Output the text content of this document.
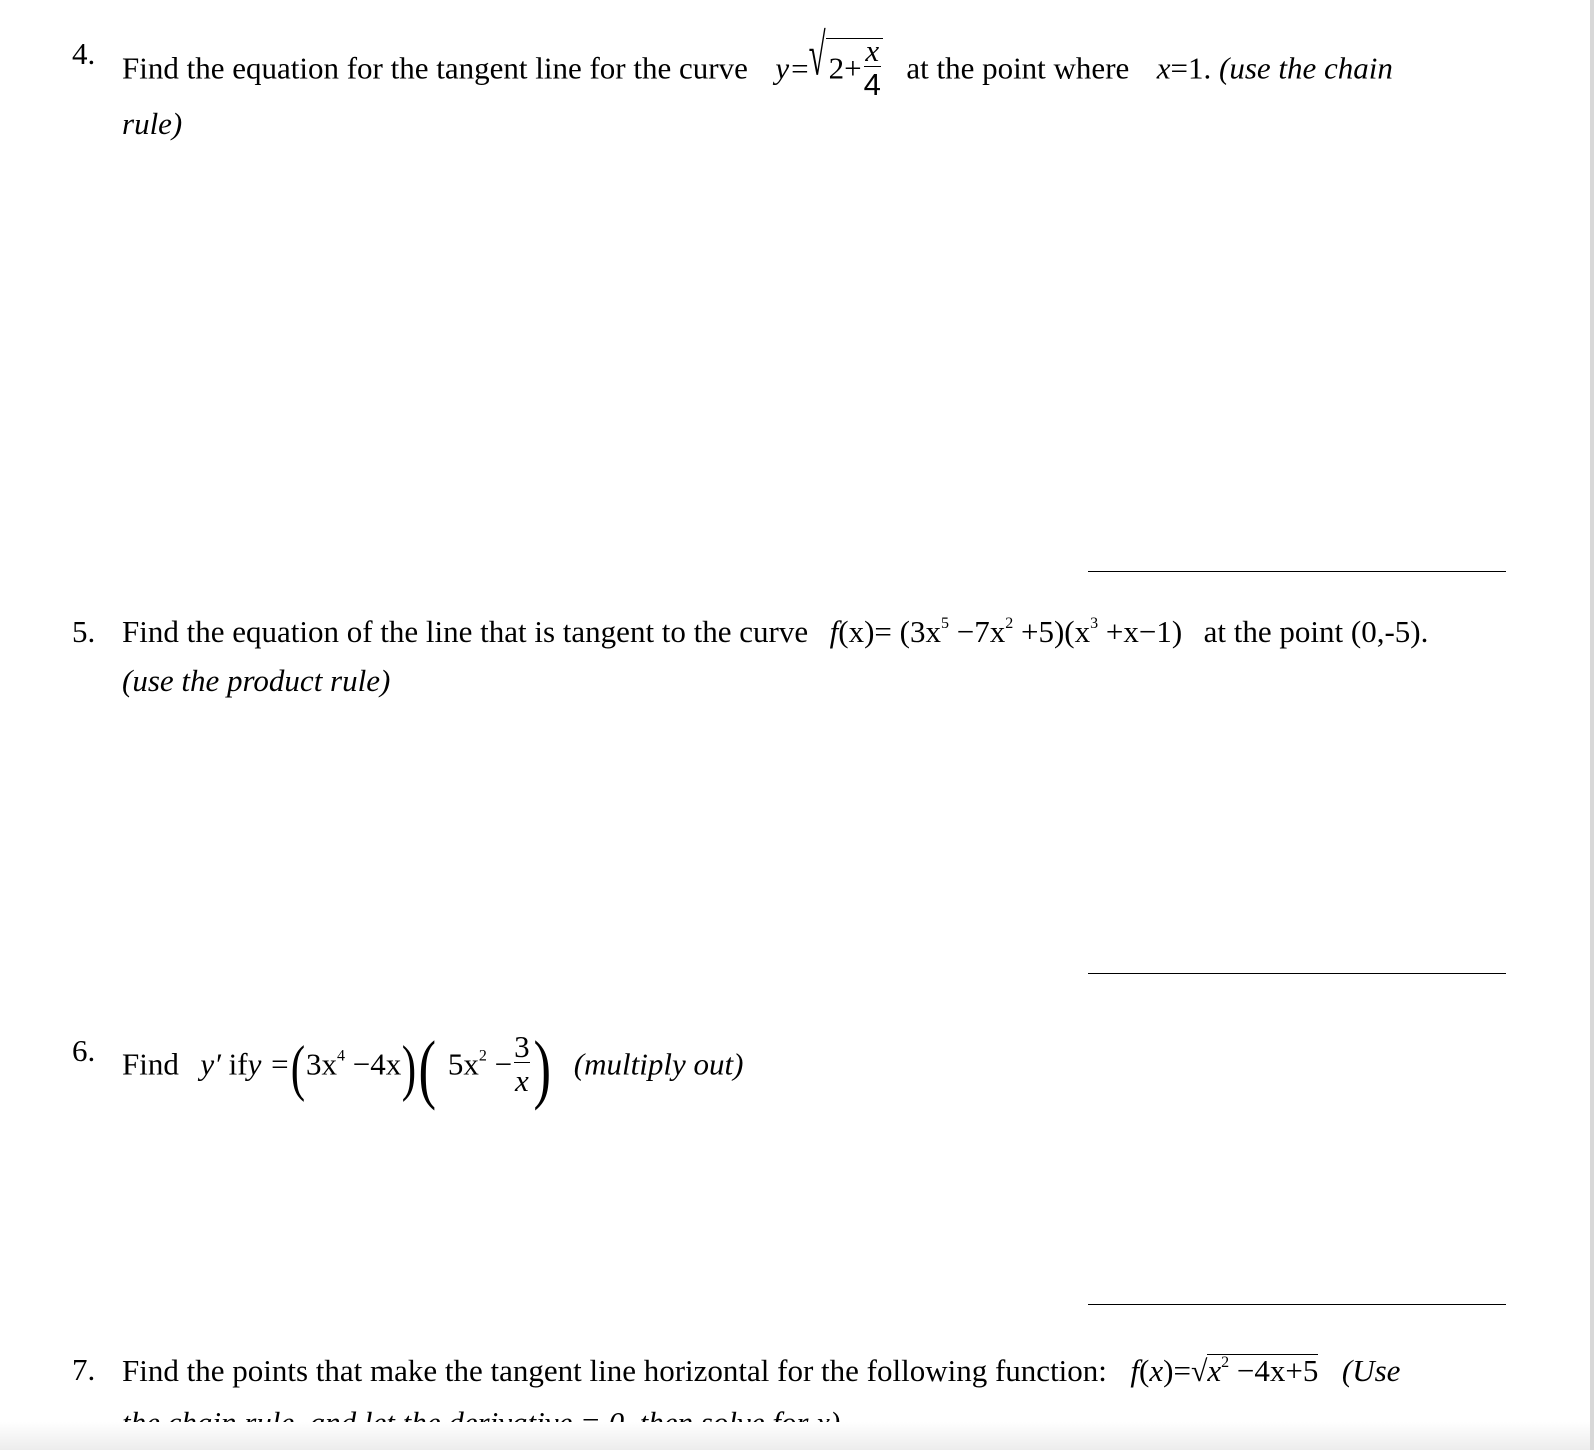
4. Find the equation for the tangent line for the curve $y=√2+ \frac{x}{4}$ at the point where x=1. (use the chain
rule)
5. Find the equation of the line that is tangent to the curve $f(x)= (3x^5 -7x^2 +5)(x^3 +x-1)$ at the point (0,-5).
(use the product rule)
6. Find y′ ify $=(3x^4 -4x)$( $5x^2 - \frac{3}{x}$ ) (multiply out)
7. Find the points that make the tangent line horizontal for the following function: $f(x)=√x^2 -4x+5$ (Use
